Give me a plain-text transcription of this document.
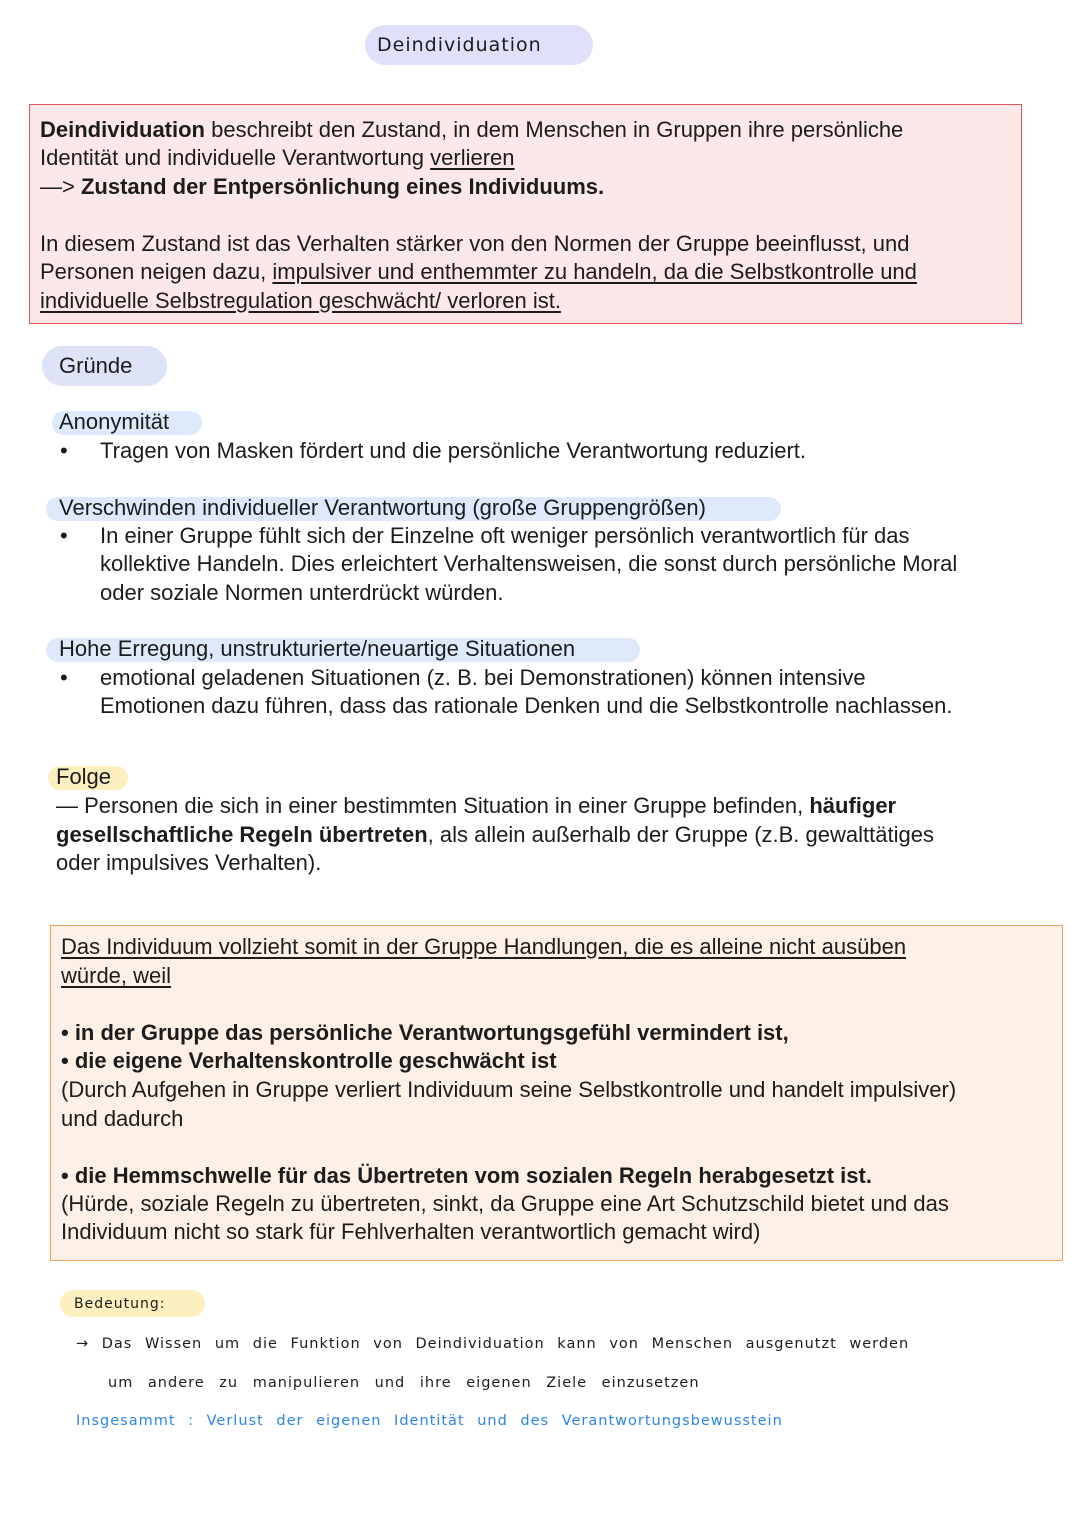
Deindividuation
Deindividuation beschreibt den Zustand, in dem Menschen in Gruppen ihre persönliche
Identität und individuelle Verantwortung verlieren
—> Zustand der Entpersönlichung eines Individuums.
In diesem Zustand ist das Verhalten stärker von den Normen der Gruppe beeinflusst, und
Personen neigen dazu, impulsiver und enthemmter zu handeln, da die Selbstkontrolle und
individuelle Selbstregulation geschwächt/ verloren ist.
Gründe
Anonymität
• Tragen von Masken fördert und die persönliche Verantwortung reduziert.
Verschwinden individueller Verantwortung (große Gruppengrößen)
• In einer Gruppe fühlt sich der Einzelne oft weniger persönlich verantwortlich für das
kollektive Handeln. Dies erleichtert Verhaltensweisen, die sonst durch persönliche Moral
oder soziale Normen unterdrückt würden.
Hohe Erregung, unstrukturierte/neuartige Situationen
• emotional geladenen Situationen (z. B. bei Demonstrationen) können intensive
Emotionen dazu führen, dass das rationale Denken und die Selbstkontrolle nachlassen.
Folge
— Personen die sich in einer bestimmten Situation in einer Gruppe befinden, häufiger
gesellschaftliche Regeln übertreten, als allein außerhalb der Gruppe (z.B. gewalttätiges
oder impulsives Verhalten).
Das Individuum vollzieht somit in der Gruppe Handlungen, die es alleine nicht ausüben
würde, weil
• in der Gruppe das persönliche Verantwortungsgefühl vermindert ist,
• die eigene Verhaltenskontrolle geschwächt ist
(Durch Aufgehen in Gruppe verliert Individuum seine Selbstkontrolle und handelt impulsiver)
und dadurch
• die Hemmschwelle für das Übertreten vom sozialen Regeln herabgesetzt ist.
(Hürde, soziale Regeln zu übertreten, sinkt, da Gruppe eine Art Schutzschild bietet und das
Individuum nicht so stark für Fehlverhalten verantwortlich gemacht wird)
Bedeutung:
→ Das Wissen um die Funktion von Deindividuation kann von Menschen ausgenutzt werden
um andere zu manipulieren und ihre eigenen Ziele einzusetzen
Insgesammt : Verlust der eigenen Identität und des Verantwortungsbewusstein
